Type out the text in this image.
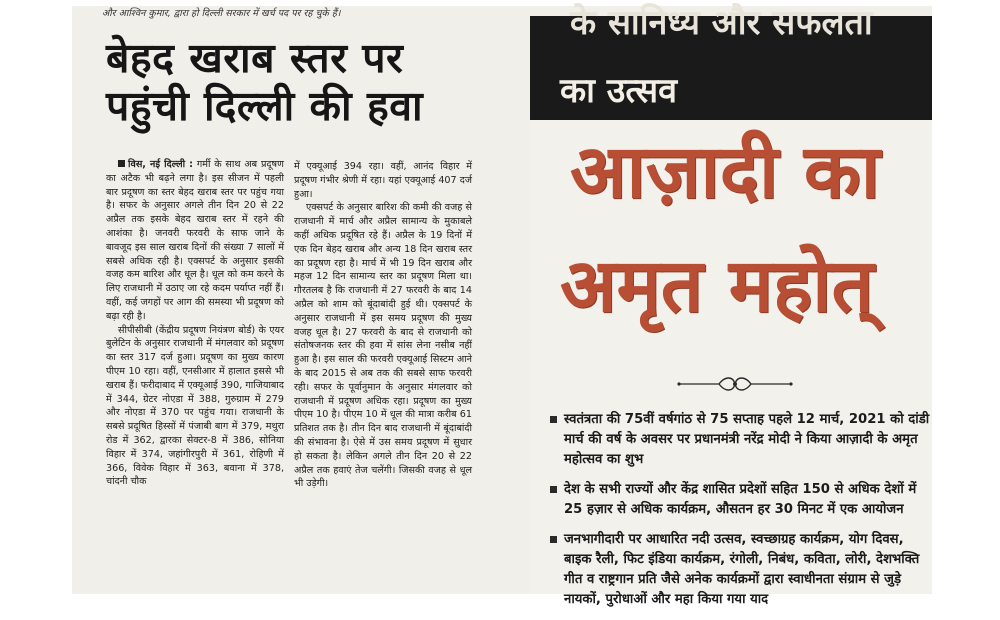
और आश्विन कुमार, द्वारा हो दिल्ली सरकार में खर्च पद पर रह चुके हैं।
बेहद खराब स्तर पर
पहुंची दिल्ली की हवा

विस, नई दिल्ली : गर्मी के साथ अब प्रदूषण का अटैक भी बढ़ने लगा है। इस सीजन में पहली बार प्रदूषण का स्तर बेहद खराब स्तर पर पहुंच गया है। सफर के अनुसार अगले तीन दिन 20 से 22 अप्रैल तक इसके बेहद खराब स्तर में रहने की आशंका है। जनवरी फरवरी के साफ जाने के बावजूद इस साल खराब दिनों की संख्या 7 सालों में सबसे अधिक रही है। एक्सपर्ट के अनुसार इसकी वजह कम बारिश और धूल है। धूल को कम करने के लिए राजधानी में उठाए जा रहे कदम पर्याप्त नहीं हैं। वहीं, कई जगहों पर आग की समस्या भी प्रदूषण को बढ़ा रही है।

सीपीसीबी (केंद्रीय प्रदूषण नियंत्रण बोर्ड) के एयर बुलेटिन के अनुसार राजधानी में मंगलवार को प्रदूषण का स्तर 317 दर्ज हुआ। प्रदूषण का मुख्य कारण पीएम 10 रहा। वहीं, एनसीआर में हालात इससे भी खराब हैं। फरीदाबाद में एक्यूआई 390, गाजियाबाद में 344, ग्रेटर नोएडा में 388, गुरुग्राम में 279 और नोएडा में 370 पर पहुंच गया। राजधानी के सबसे प्रदूषित हिस्सों में पंजाबी बाग में 379, मथुरा रोड में 362, द्वारका सेक्टर-8 में 386, सोनिया विहार में 374, जहांगीरपुरी में 361, रोहिणी में 366, विवेक विहार में 363, बवाना में 378, चांदनी चौक

में एक्यूआई 394 रहा। वहीं, आनंद विहार में प्रदूषण गंभीर श्रेणी में रहा। यहां एक्यूआई 407 दर्ज हुआ।

एक्सपर्ट के अनुसार बारिश की कमी की वजह से राजधानी में मार्च और अप्रैल सामान्य के मुकाबले कहीं अधिक प्रदूषित रहे हैं। अप्रैल के 19 दिनों में एक दिन बेहद खराब और अन्य 18 दिन खराब स्तर का प्रदूषण रहा है। मार्च में भी 19 दिन खराब और महज 12 दिन सामान्य स्तर का प्रदूषण मिला था। गौरतलब है कि राजधानी में 27 फरवरी के बाद 14 अप्रैल को शाम को बूंदाबांदी हुई थी। एक्सपर्ट के अनुसार राजधानी में इस समय प्रदूषण की मुख्य वजह धूल है। 27 फरवरी के बाद से राजधानी को संतोषजनक स्तर की हवा में सांस लेना नसीब नहीं हुआ है। इस साल की फरवरी एक्यूआई सिस्टम आने के बाद 2015 से अब तक की सबसे साफ फरवरी रही। सफर के पूर्वानुमान के अनुसार मंगलवार को राजधानी में प्रदूषण अधिक रहा। प्रदूषण का मुख्य पीएम 10 है। पीएम 10 में धूल की मात्रा करीब 61 प्रतिशत तक है। तीन दिन बाद राजधानी में बूंदाबांदी की संभावना है। ऐसे में उस समय प्रदूषण में सुधार हो सकता है। लेकिन अगले तीन दिन 20 से 22 अप्रैल तक हवाएं तेज चलेंगी। जिसकी वजह से धूल भी उड़ेगी।

के सानिध्य और सफलता
का उत्सव
आज़ादी का
अमृत महोत्
स्वतंत्रता की 75वीं वर्षगांठ से 75 सप्ताह पहले 12 मार्च, 2021 को दांडी मार्च की वर्ष के अवसर पर प्रधानमंत्री नरेंद्र मोदी ने किया आज़ादी के अमृत महोत्सव का शुभ
देश के सभी राज्यों और केंद्र शासित प्रदेशों सहित 150 से अधिक देशों में 25 हज़ार से अधिक कार्यक्रम, औसतन हर 30 मिनट में एक आयोजन
जनभागीदारी पर आधारित नदी उत्सव, स्वच्छाग्रह कार्यक्रम, योग दिवस, बाइक रैली, फिट इंडिया कार्यक्रम, रंगोली, निबंध, कविता, लोरी, देशभक्ति गीत व राष्ट्रगान प्रति जैसे अनेक कार्यक्रमों द्वारा स्वाधीनता संग्राम से जुड़े नायकों, पुरोधाओं और महा किया गया याद
